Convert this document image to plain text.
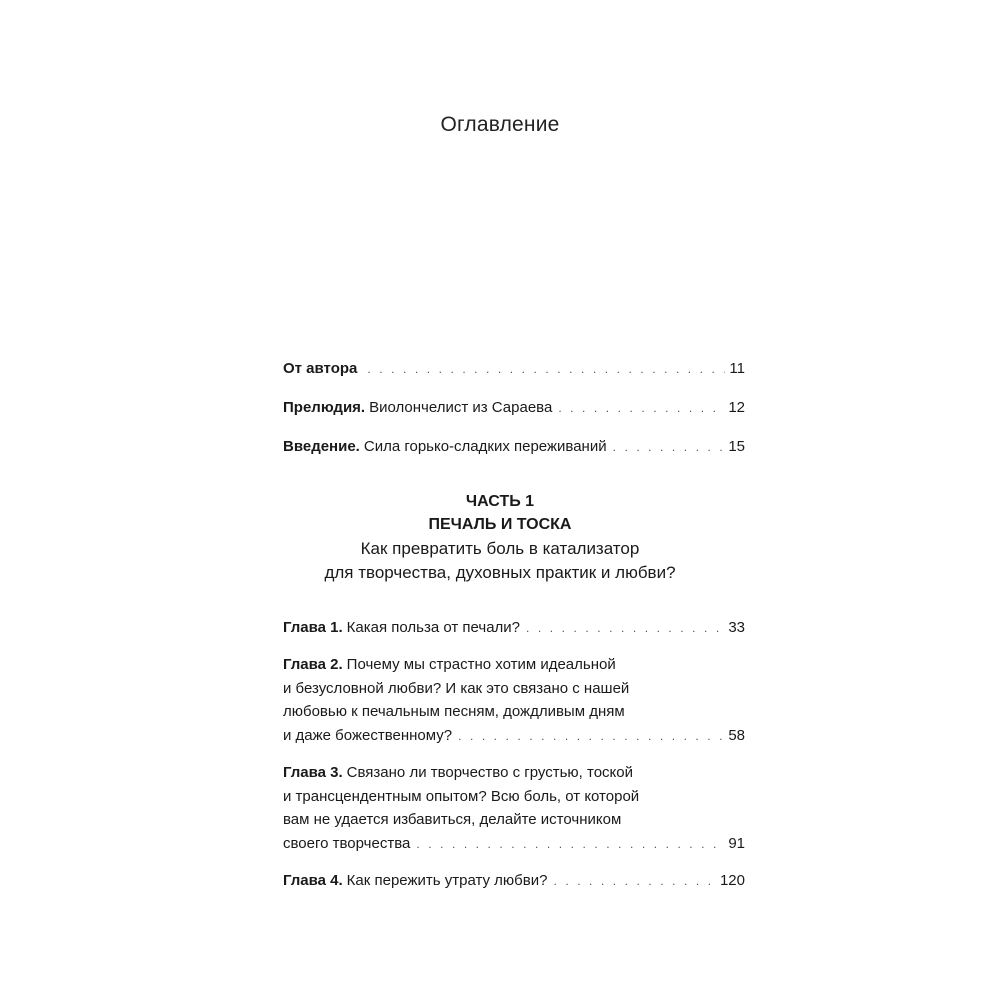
Оглавление
От автора . . .	11
Прелюдия. Виолончелист из Сараева . . .	12
Введение. Сила горько-сладких переживаний . . .	15
Глава 1. Какая польза от печали? . . .	33
Глава 2. Почему мы страстно хотим идеальной
и безусловной любви? И как это связано с нашей
любовью к печальным песням, дождливым дням
и даже божественному? . . .	58
Глава 3. Связано ли творчество с грустью, тоской
и трансцендентным опытом? Всю боль, от которой
вам не удается избавиться, делайте источником
своего творчества . . .	91
Глава 4. Как пережить утрату любви? . . .	120
ЧАСТЬ 1
ПЕЧАЛЬ И ТОСКА
Как превратить боль в катализатор
для творчества, духовных практик и любви?
